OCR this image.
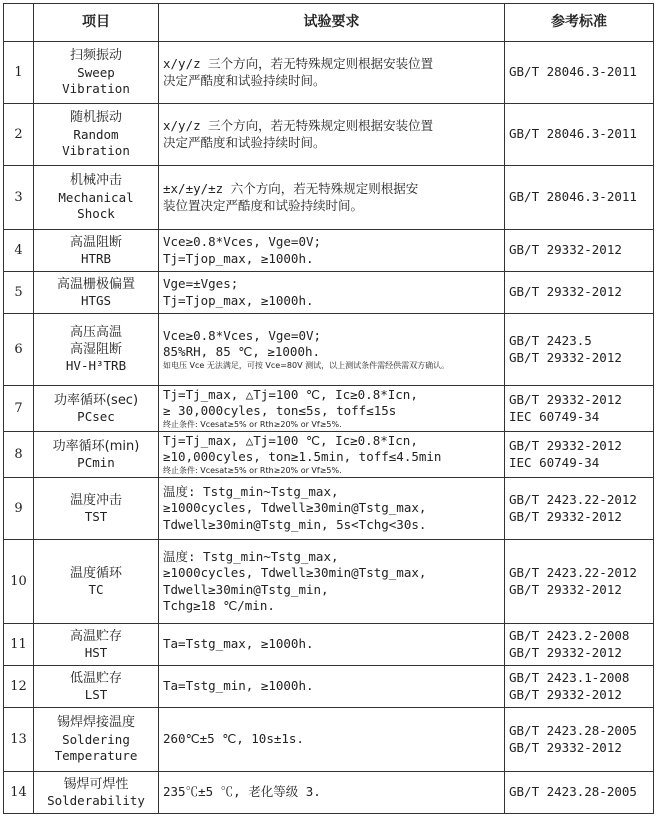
	项目	试验要求	参考标准
1	扫频振动
Sweep
Vibration	x/y/z 三个方向，若无特殊规定则根据安装位置
决定严酷度和试验持续时间。	GB/T 28046.3-2011

2	随机振动
Random
Vibration	x/y/z 三个方向，若无特殊规定则根据安装位置
决定严酷度和试验持续时间。	GB/T 28046.3-2011

3	机械冲击
Mechanical
Shock	±x/±y/±z 六个方向，若无特殊规定则根据安
装位置决定严酷度和试验持续时间。	GB/T 28046.3-2011

4	高温阻断
HTRB	Vce≥0.8*Vces, Vge=0V;
Tj=Tjop_max, ≥1000h.	GB/T 29332-2012

5	高温栅极偏置
HTGS	Vge=±Vges;
Tj=Tjop_max, ≥1000h.	GB/T 29332-2012

6	高压高温
高湿阻断
HV-H³TRB	Vce≥0.8*Vces, Vge=0V;
85%RH, 85 ℃, ≥1000h.
如电压 Vce 无法满足，可按 Vce=80V 测试，以上测试条件需经供需双方确认。	GB/T 2423.5
GB/T 29332-2012

7	功率循环(sec)
PCsec	Tj=Tj_max, △Tj=100 ℃, Ic≥0.8*Icn,
≥ 30,000cyles, ton≤5s, toff≤15s
终止条件: Vcesat≥5% or Rth≥20% or Vf≥5%.	GB/T 29332-2012
IEC 60749-34

8	功率循环(min)
PCmin	Tj=Tj_max, △Tj=100 ℃, Ic≥0.8*Icn,
≥10,000cyles, ton≥1.5min, toff≤4.5min
终止条件: Vcesat≥5% or Rth≥20% or Vf≥5%.	GB/T 29332-2012
IEC 60749-34

9	温度冲击
TST	温度: Tstg_min~Tstg_max,
≥1000cycles, Tdwell≥30min@Tstg_max,
Tdwell≥30min@Tstg_min, 5s<Tchg<30s.	GB/T 2423.22-2012
GB/T 29332-2012

10	温度循环
TC	温度: Tstg_min~Tstg_max,
≥1000cycles, Tdwell≥30min@Tstg_max,
Tdwell≥30min@Tstg_min,
Tchg≥18 ℃/min.	GB/T 2423.22-2012
GB/T 29332-2012

11	高温贮存
HST	Ta=Tstg_max, ≥1000h.	GB/T 2423.2-2008
GB/T 29332-2012

12	低温贮存
LST	Ta=Tstg_min, ≥1000h.	GB/T 2423.1-2008
GB/T 29332-2012

13	锡焊焊接温度
Soldering
Temperature	260℃±5 ℃, 10s±1s.	GB/T 2423.28-2005
GB/T 29332-2012

14	锡焊可焊性
Solderability	235℃±5 ℃, 老化等级 3.	GB/T 2423.28-2005
